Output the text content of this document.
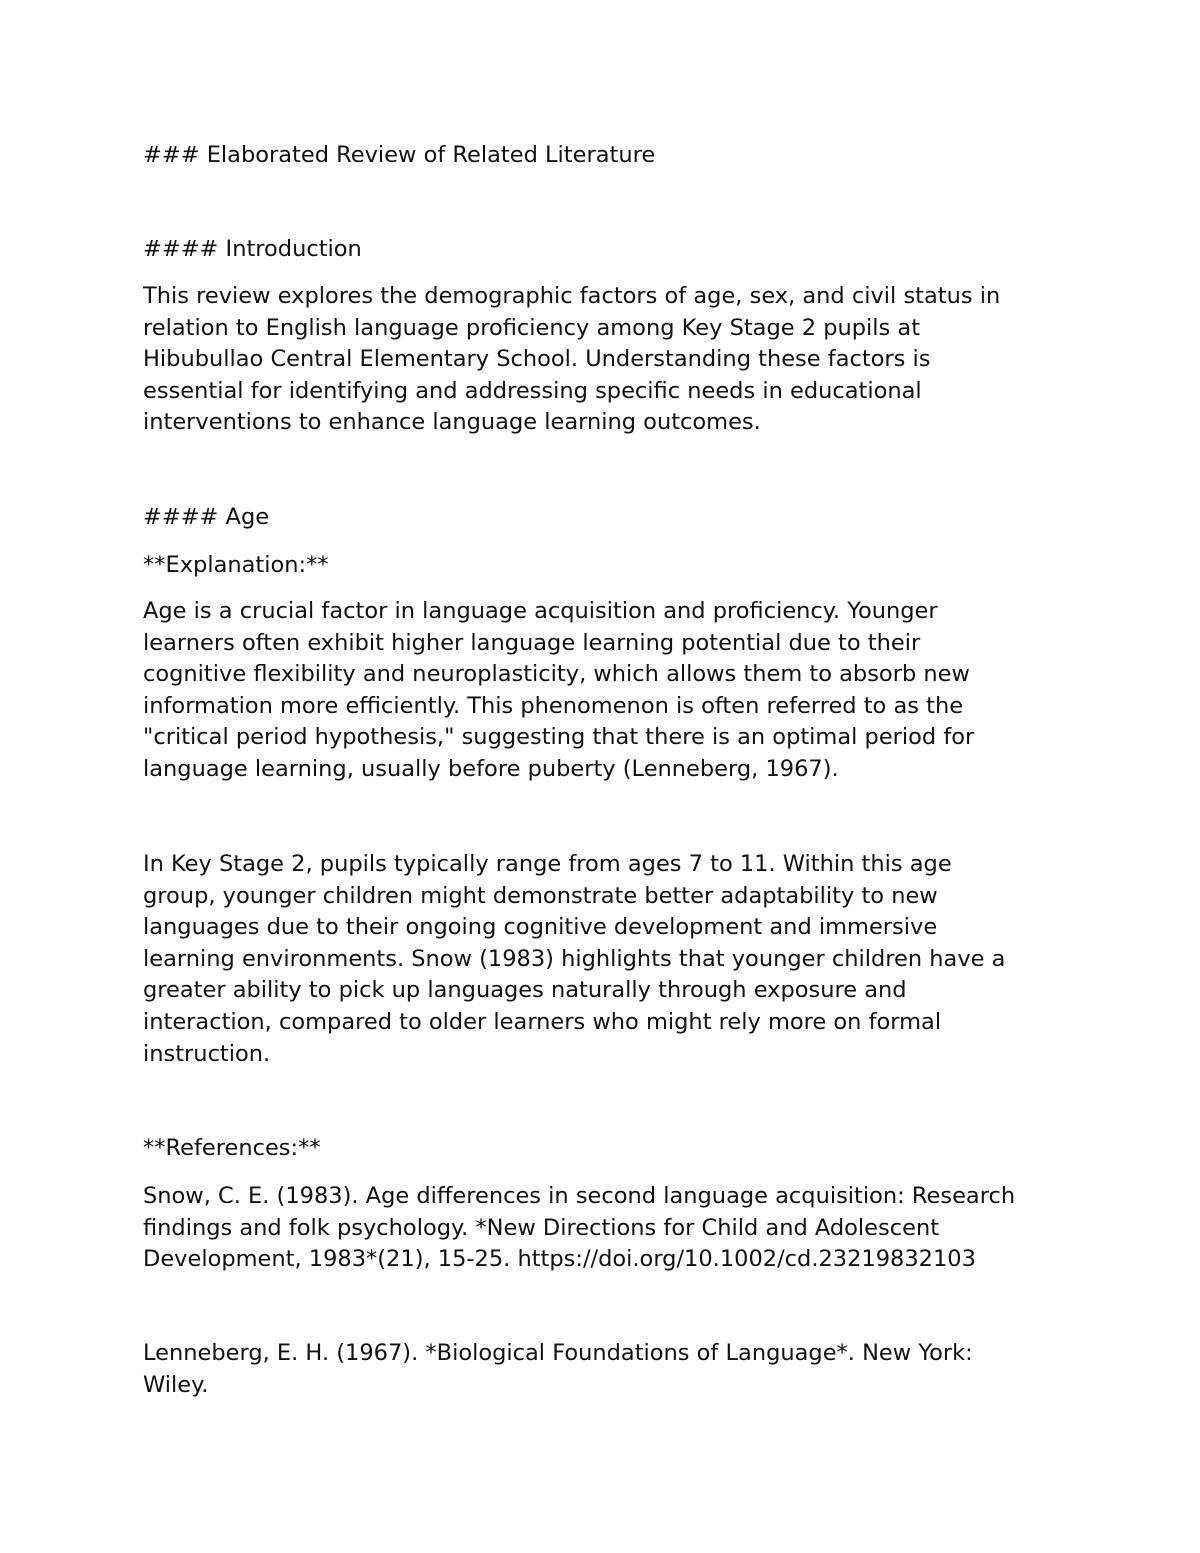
### Elaborated Review of Related Literature

#### Introduction

This review explores the demographic factors of age, sex, and civil status in
relation to English language proficiency among Key Stage 2 pupils at
Hibubullao Central Elementary School. Understanding these factors is
essential for identifying and addressing specific needs in educational
interventions to enhance language learning outcomes.

#### Age

**Explanation:**

Age is a crucial factor in language acquisition and proficiency. Younger
learners often exhibit higher language learning potential due to their
cognitive flexibility and neuroplasticity, which allows them to absorb new
information more efficiently. This phenomenon is often referred to as the
"critical period hypothesis," suggesting that there is an optimal period for
language learning, usually before puberty (Lenneberg, 1967).

In Key Stage 2, pupils typically range from ages 7 to 11. Within this age
group, younger children might demonstrate better adaptability to new
languages due to their ongoing cognitive development and immersive
learning environments. Snow (1983) highlights that younger children have a
greater ability to pick up languages naturally through exposure and
interaction, compared to older learners who might rely more on formal
instruction.

**References:**

Snow, C. E. (1983). Age differences in second language acquisition: Research
findings and folk psychology. *New Directions for Child and Adolescent
Development, 1983*(21), 15-25. https://doi.org/10.1002/cd.23219832103

Lenneberg, E. H. (1967). *Biological Foundations of Language*. New York:
Wiley.
